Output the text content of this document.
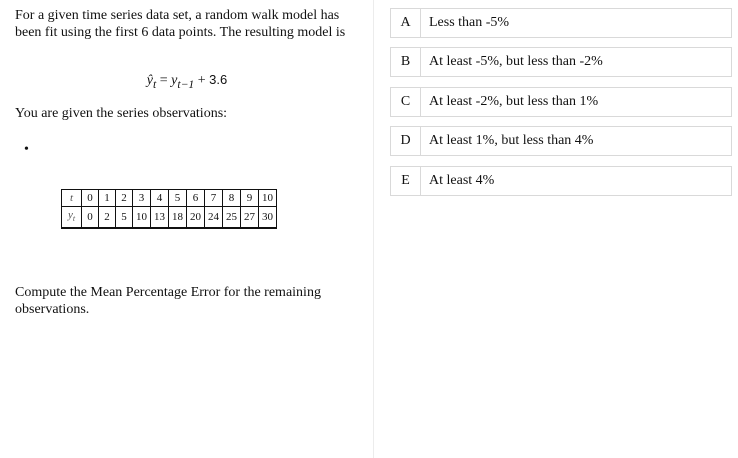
For a given time series data set, a random walk model has been fit using the first 6 data points. The resulting model is

$ŷ_t = y_{t-1} + 3.6$

You are given the series observations:

•
t	0	1	2	3	4	5	6	7	8	9	10
$y_t$	0	2	5	10	13	18	20	24	25	27	30

Compute the Mean Percentage Error for the remaining observations.

A	Less than -5%
B	At least -5%, but less than -2%
C	At least -2%, but less than 1%
D	At least 1%, but less than 4%
E	At least 4%
